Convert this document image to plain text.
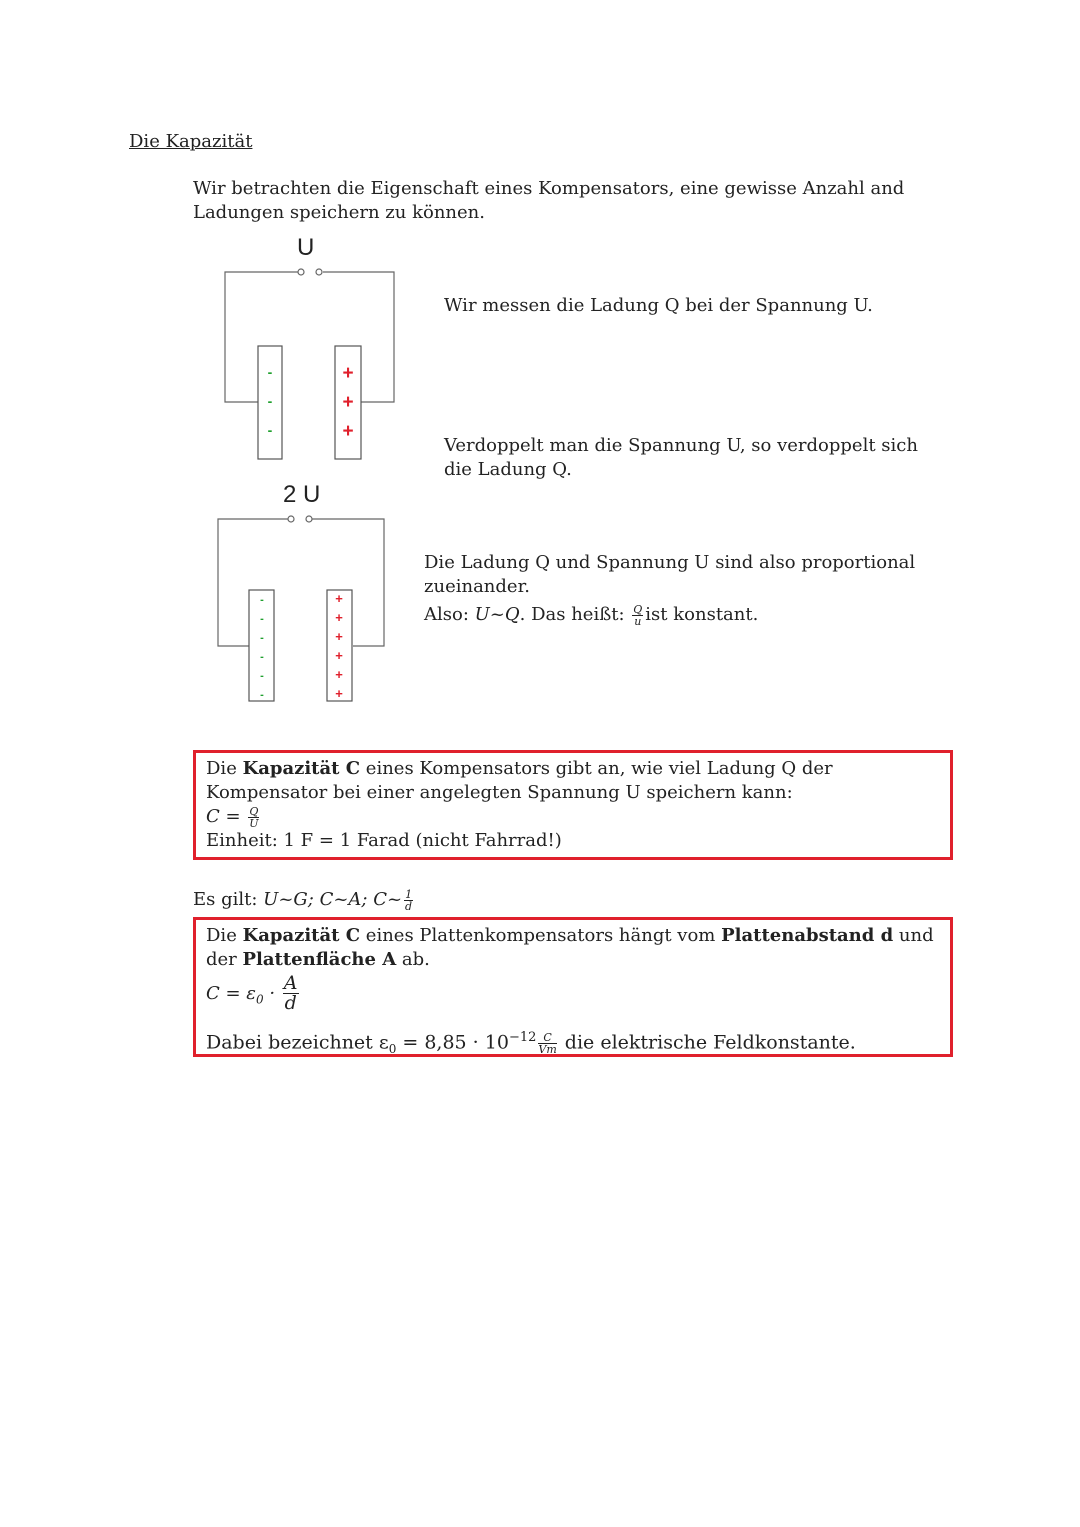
Die Kapazität
Wir betrachten die Eigenschaft eines Kompensators, eine gewisse Anzahl and Ladungen speichern zu können.
U
-
-
-
+
+
+
Wir messen die Ladung Q bei der Spannung U.
Verdoppelt man die Spannung U, so verdoppelt sich die Ladung Q.
2 U
-
-
-
-
-
-
+
+
+
+
+
+
Die Ladung Q und Spannung U sind also proportional zueinander.
Also: U~Q. Das heißt: $\frac{Q}{u}$ ist konstant.
Die Kapazität C eines Kompensators gibt an, wie viel Ladung Q der Kompensator bei einer angelegten Spannung U speichern kann:
$C = \frac{Q}{U}$

Einheit: 1 F = 1 Farad (nicht Fahrrad!)
Es gilt: U~G; C~A; C~ $\frac{1}{d}$
Die Kapazität C eines Plattenkompensators hängt vom Plattenabstand d und der Plattenfläche A ab.
$C = \varepsilon_0 \cdot \frac{A}{d}$
Dabei bezeichnet $\varepsilon_0 = 8,85 \cdot 10^{-12} \frac{C}{Vm}$ die elektrische Feldkonstante.
